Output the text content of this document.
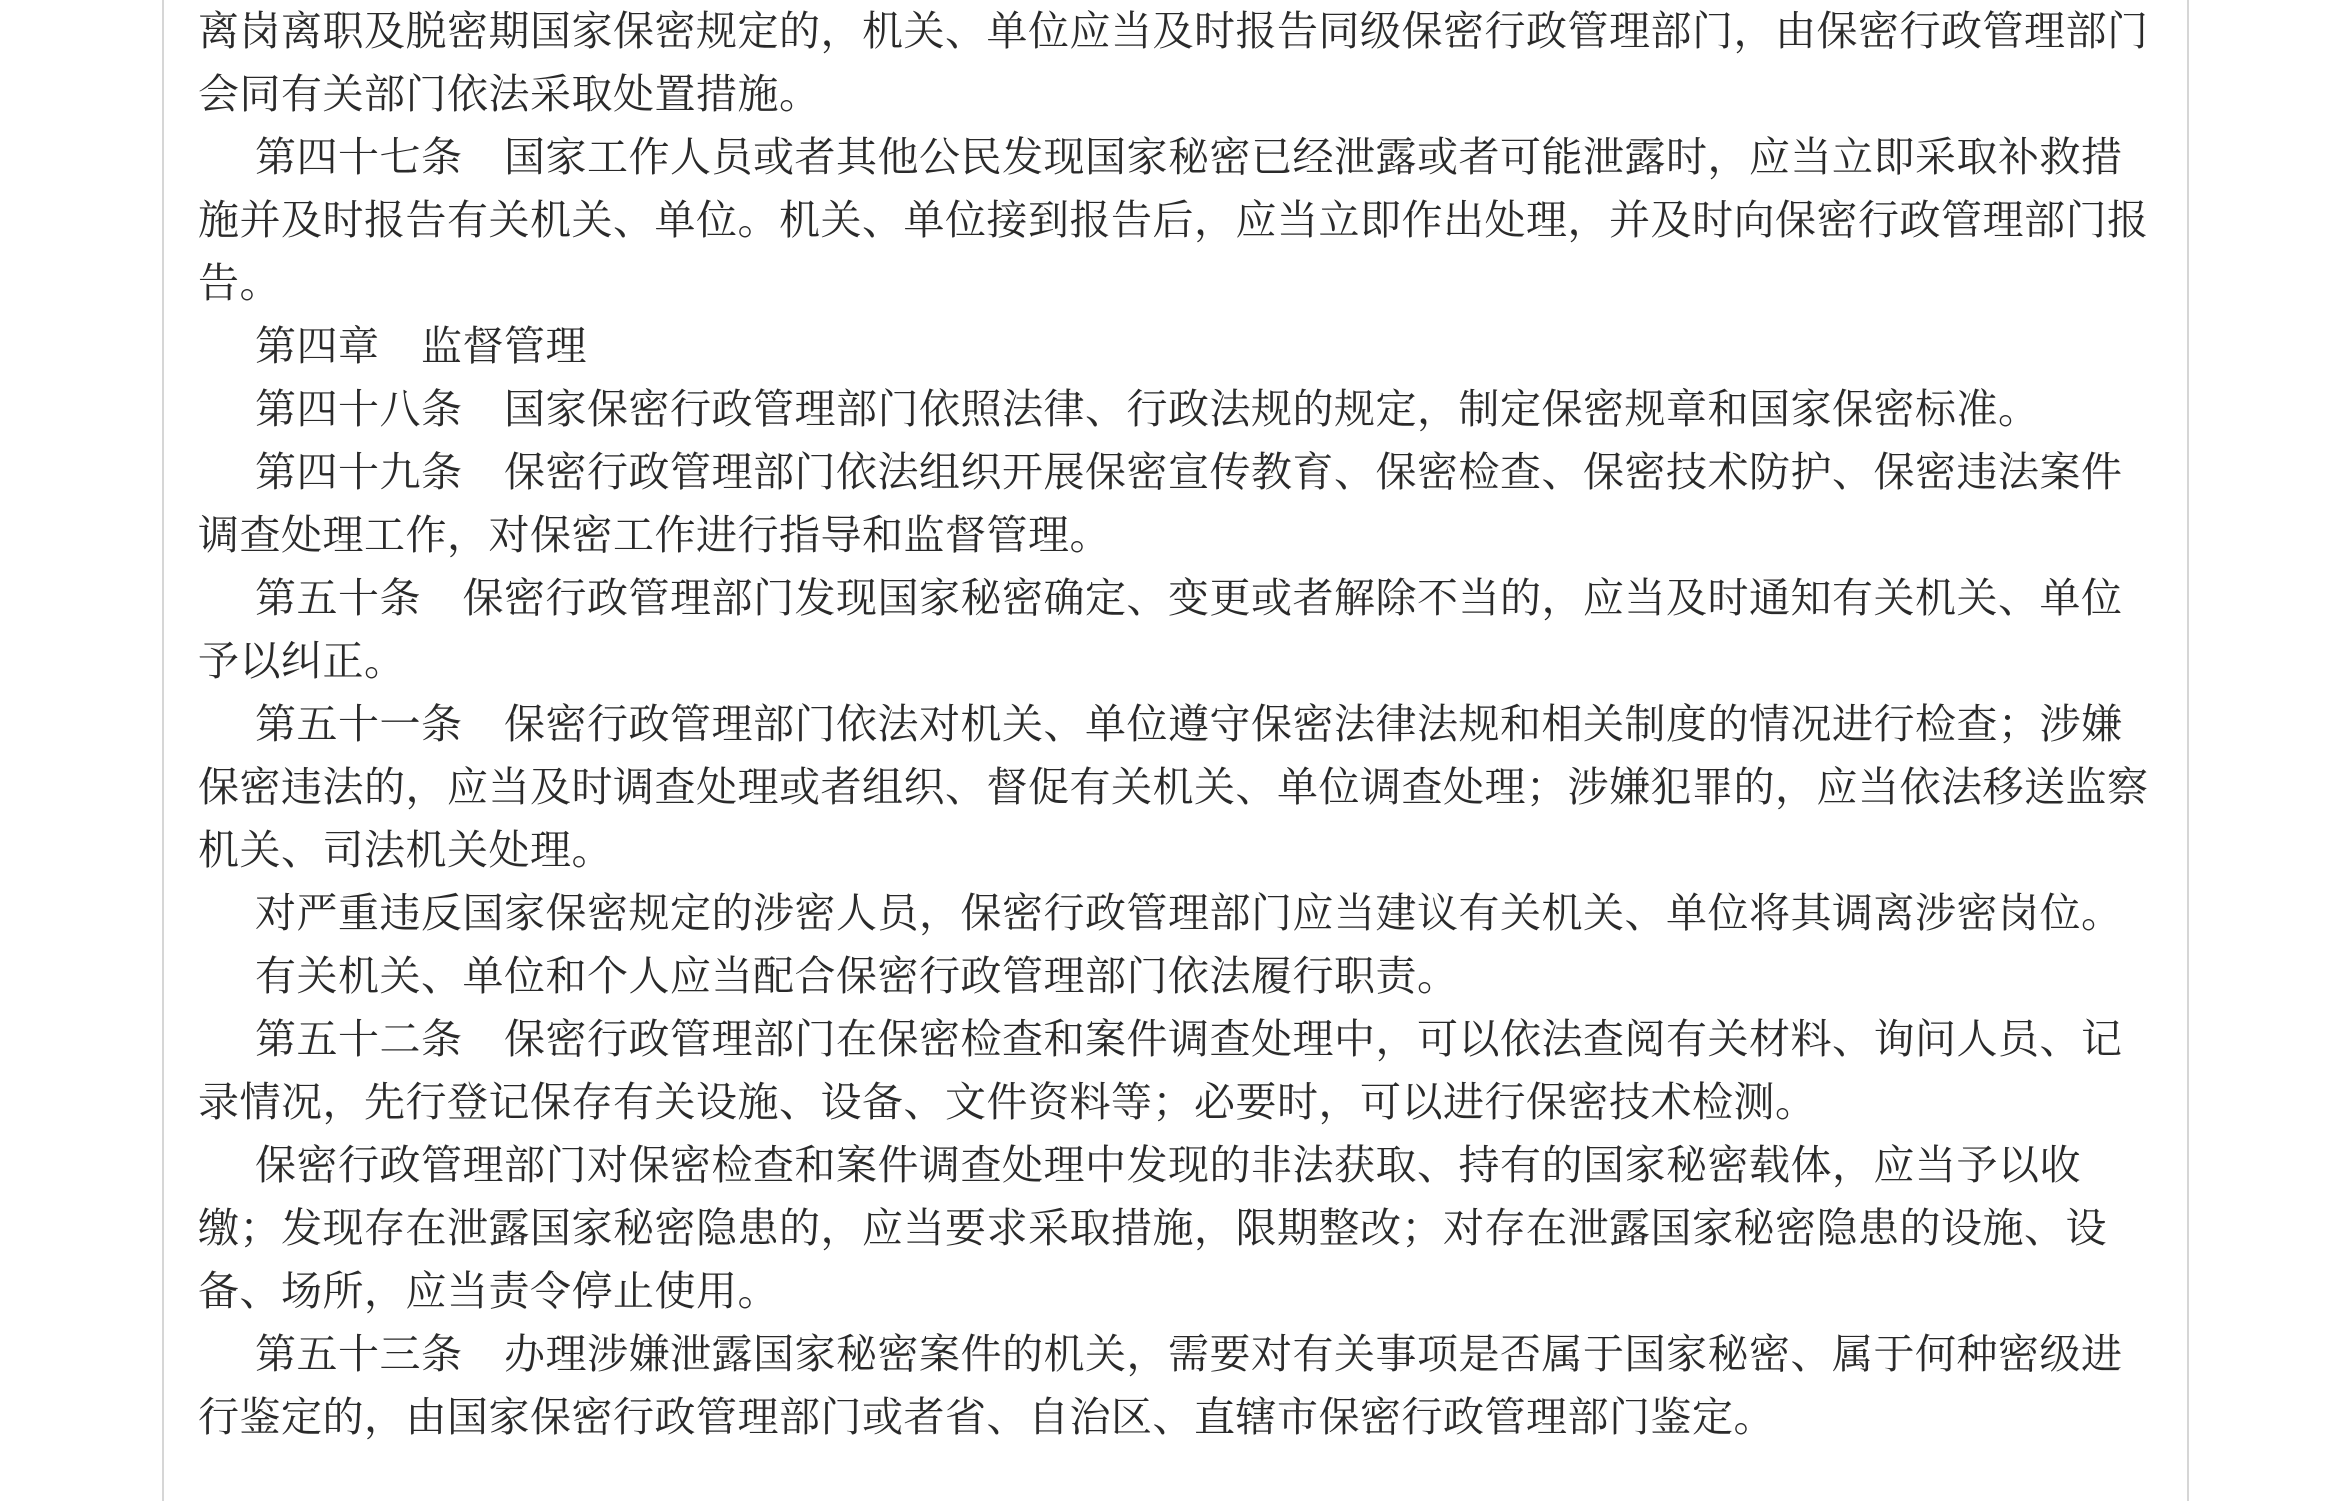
离岗离职及脱密期国家保密规定的，机关、单位应当及时报告同级保密行政管理部门，由保密行政管理部门会同有关部门依法采取处置措施。

第四十七条　国家工作人员或者其他公民发现国家秘密已经泄露或者可能泄露时，应当立即采取补救措施并及时报告有关机关、单位。机关、单位接到报告后，应当立即作出处理，并及时向保密行政管理部门报告。

第四章　监督管理

第四十八条　国家保密行政管理部门依照法律、行政法规的规定，制定保密规章和国家保密标准。

第四十九条　保密行政管理部门依法组织开展保密宣传教育、保密检查、保密技术防护、保密违法案件调查处理工作，对保密工作进行指导和监督管理。

第五十条　保密行政管理部门发现国家秘密确定、变更或者解除不当的，应当及时通知有关机关、单位予以纠正。

第五十一条　保密行政管理部门依法对机关、单位遵守保密法律法规和相关制度的情况进行检查；涉嫌保密违法的，应当及时调查处理或者组织、督促有关机关、单位调查处理；涉嫌犯罪的，应当依法移送监察机关、司法机关处理。

对严重违反国家保密规定的涉密人员，保密行政管理部门应当建议有关机关、单位将其调离涉密岗位。

有关机关、单位和个人应当配合保密行政管理部门依法履行职责。

第五十二条　保密行政管理部门在保密检查和案件调查处理中，可以依法查阅有关材料、询问人员、记录情况，先行登记保存有关设施、设备、文件资料等；必要时，可以进行保密技术检测。

保密行政管理部门对保密检查和案件调查处理中发现的非法获取、持有的国家秘密载体，应当予以收缴；发现存在泄露国家秘密隐患的，应当要求采取措施，限期整改；对存在泄露国家秘密隐患的设施、设备、场所，应当责令停止使用。

第五十三条　办理涉嫌泄露国家秘密案件的机关，需要对有关事项是否属于国家秘密、属于何种密级进行鉴定的，由国家保密行政管理部门或者省、自治区、直辖市保密行政管理部门鉴定。
